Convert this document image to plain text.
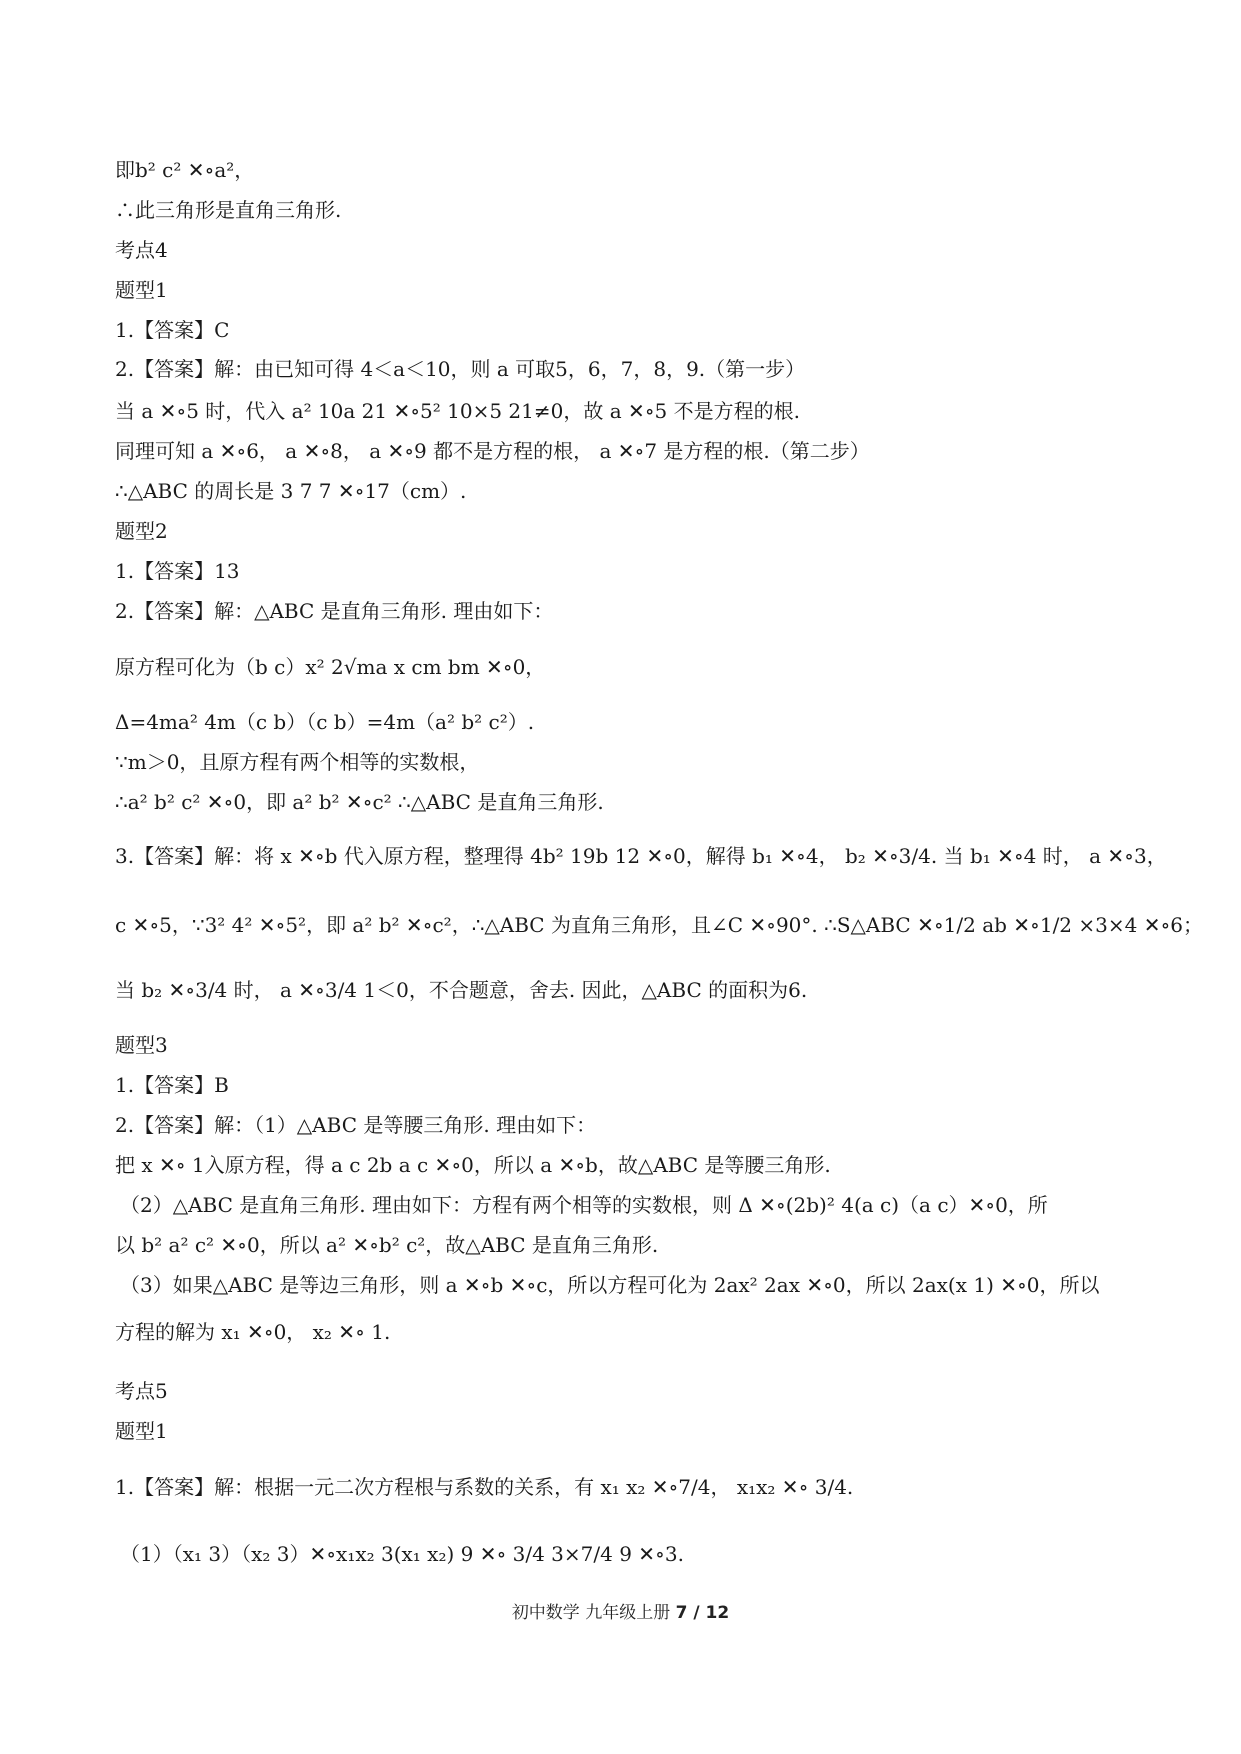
即b² c² ✕∘a²，
∴此三角形是直角三角形.
考点4
题型1
1.【答案】C
2.【答案】解：由已知可得 4＜a＜10，则 a 可取5，6，7，8，9.（第一步）
当 a ✕∘5 时，代入 a² 10a 21 ✕∘5² 10×5 21≠0，故 a ✕∘5 不是方程的根.
同理可知 a ✕∘6， a ✕∘8， a ✕∘9 都不是方程的根， a ✕∘7 是方程的根.（第二步）
∴△ABC 的周长是 3 7 7 ✕∘17（cm）.
题型2
1.【答案】13
2.【答案】解：△ABC 是直角三角形. 理由如下：
原方程可化为（b c）x² 2√ma x cm bm ✕∘0，
Δ=4ma² 4m（c b）（c b）=4m（a² b² c²）.
∵m＞0，且原方程有两个相等的实数根，
∴a² b² c² ✕∘0，即 a² b² ✕∘c² ∴△ABC 是直角三角形.
3.【答案】解：将 x ✕∘b 代入原方程，整理得 4b² 19b 12 ✕∘0，解得 b₁ ✕∘4， b₂ ✕∘3/4. 当 b₁ ✕∘4 时， a ✕∘3，
c ✕∘5，∵3² 4² ✕∘5²，即 a² b² ✕∘c²，∴△ABC 为直角三角形，且∠C ✕∘90°. ∴S△ABC ✕∘1/2 ab ✕∘1/2 ×3×4 ✕∘6；
当 b₂ ✕∘3/4 时， a ✕∘3/4 1＜0，不合题意，舍去. 因此，△ABC 的面积为6.
题型3
1.【答案】B
2.【答案】解：（1）△ABC 是等腰三角形. 理由如下：
把 x ✕∘ 1入原方程，得 a c 2b a c ✕∘0，所以 a ✕∘b，故△ABC 是等腰三角形.
（2）△ABC 是直角三角形. 理由如下：方程有两个相等的实数根，则 Δ ✕∘(2b)² 4(a c)（a c）✕∘0，所
以 b² a² c² ✕∘0，所以 a² ✕∘b² c²，故△ABC 是直角三角形.
（3）如果△ABC 是等边三角形，则 a ✕∘b ✕∘c，所以方程可化为 2ax² 2ax ✕∘0，所以 2ax(x 1) ✕∘0，所以
方程的解为 x₁ ✕∘0， x₂ ✕∘ 1.
考点5
题型1
1.【答案】解：根据一元二次方程根与系数的关系，有 x₁ x₂ ✕∘7/4， x₁x₂ ✕∘ 3/4.
（1）（x₁ 3）（x₂ 3）✕∘x₁x₂ 3(x₁ x₂) 9 ✕∘ 3/4 3×7/4 9 ✕∘3.
初中数学 九年级上册 7 / 12
